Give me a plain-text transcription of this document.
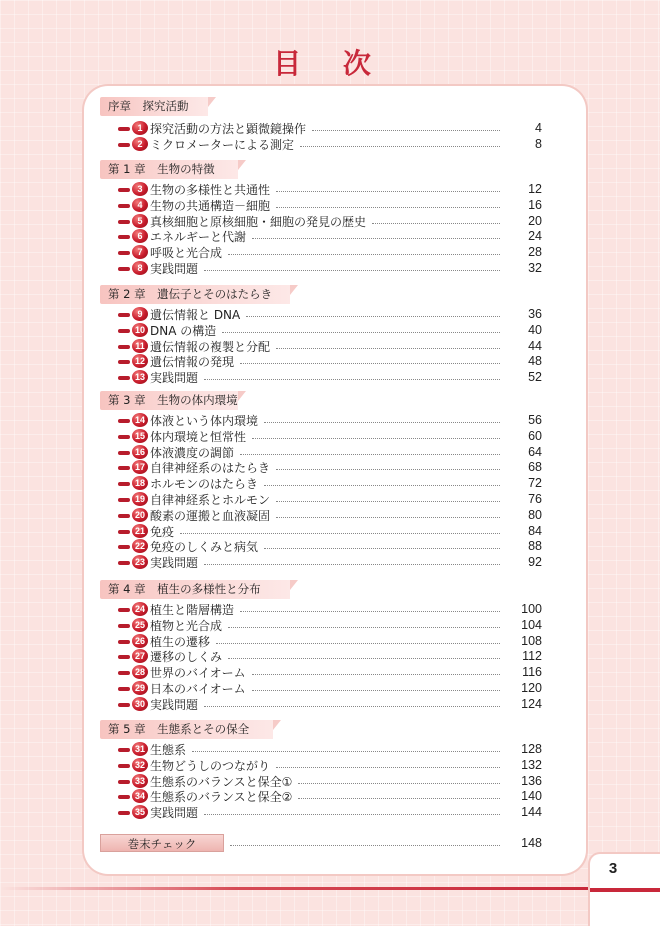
目 次
序章　探究活動
1 探究活動の方法と顕微鏡操作	4
2 ミクロメーターによる測定	8
第 1 章　生物の特徴
3 生物の多様性と共通性	12
4 生物の共通構造－細胞	16
5 真核細胞と原核細胞・細胞の発見の歴史	20
6 エネルギーと代謝	24
7 呼吸と光合成	28
8 実践問題	32
第 2 章　遺伝子とそのはたらき
9 遺伝情報と DNA	36
10 DNA の構造	40
11 遺伝情報の複製と分配	44
12 遺伝情報の発現	48
13 実践問題	52
第 3 章　生物の体内環境
14 体液という体内環境	56
15 体内環境と恒常性	60
16 体液濃度の調節	64
17 自律神経系のはたらき	68
18 ホルモンのはたらき	72
19 自律神経系とホルモン	76
20 酸素の運搬と血液凝固	80
21 免疫	84
22 免疫のしくみと病気	88
23 実践問題	92
第 4 章　植生の多様性と分布
24 植生と階層構造	100
25 植物と光合成	104
26 植生の遷移	108
27 遷移のしくみ	112
28 世界のバイオーム	116
29 日本のバイオーム	120
30 実践問題	124
第 5 章　生態系とその保全
31 生態系	128
32 生物どうしのつながり	132
33 生態系のバランスと保全①	136
34 生態系のバランスと保全②	140
35 実践問題	144
巻末チェック	148
3
